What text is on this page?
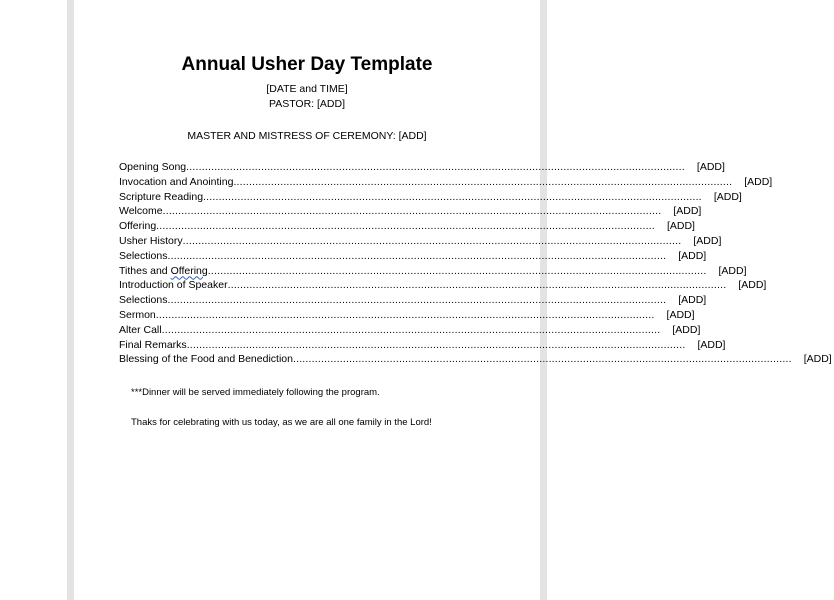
Annual Usher Day Template
[DATE and TIME]
PASTOR: [ADD]
MASTER AND MISTRESS OF CEREMONY: [ADD]
Opening Song ................................................................................................................................................................ [ADD]
Invocation and Anointing ................................................................................................................................................................ [ADD]
Scripture Reading ................................................................................................................................................................ [ADD]
Welcome ................................................................................................................................................................ [ADD]
Offering ................................................................................................................................................................ [ADD]
Usher History ................................................................................................................................................................ [ADD]
Selections ................................................................................................................................................................ [ADD]
Tithes and Offering ................................................................................................................................................................ [ADD]
Introduction of Speaker ................................................................................................................................................................ [ADD]
Selections ................................................................................................................................................................ [ADD]
Sermon ................................................................................................................................................................ [ADD]
Alter Call ................................................................................................................................................................ [ADD]
Final Remarks ................................................................................................................................................................ [ADD]
Blessing of the Food and Benediction ................................................................................................................................................................ [ADD]

***Dinner will be served immediately following the program.

Thaks for celebrating with us today, as we are all one family in the Lord!
